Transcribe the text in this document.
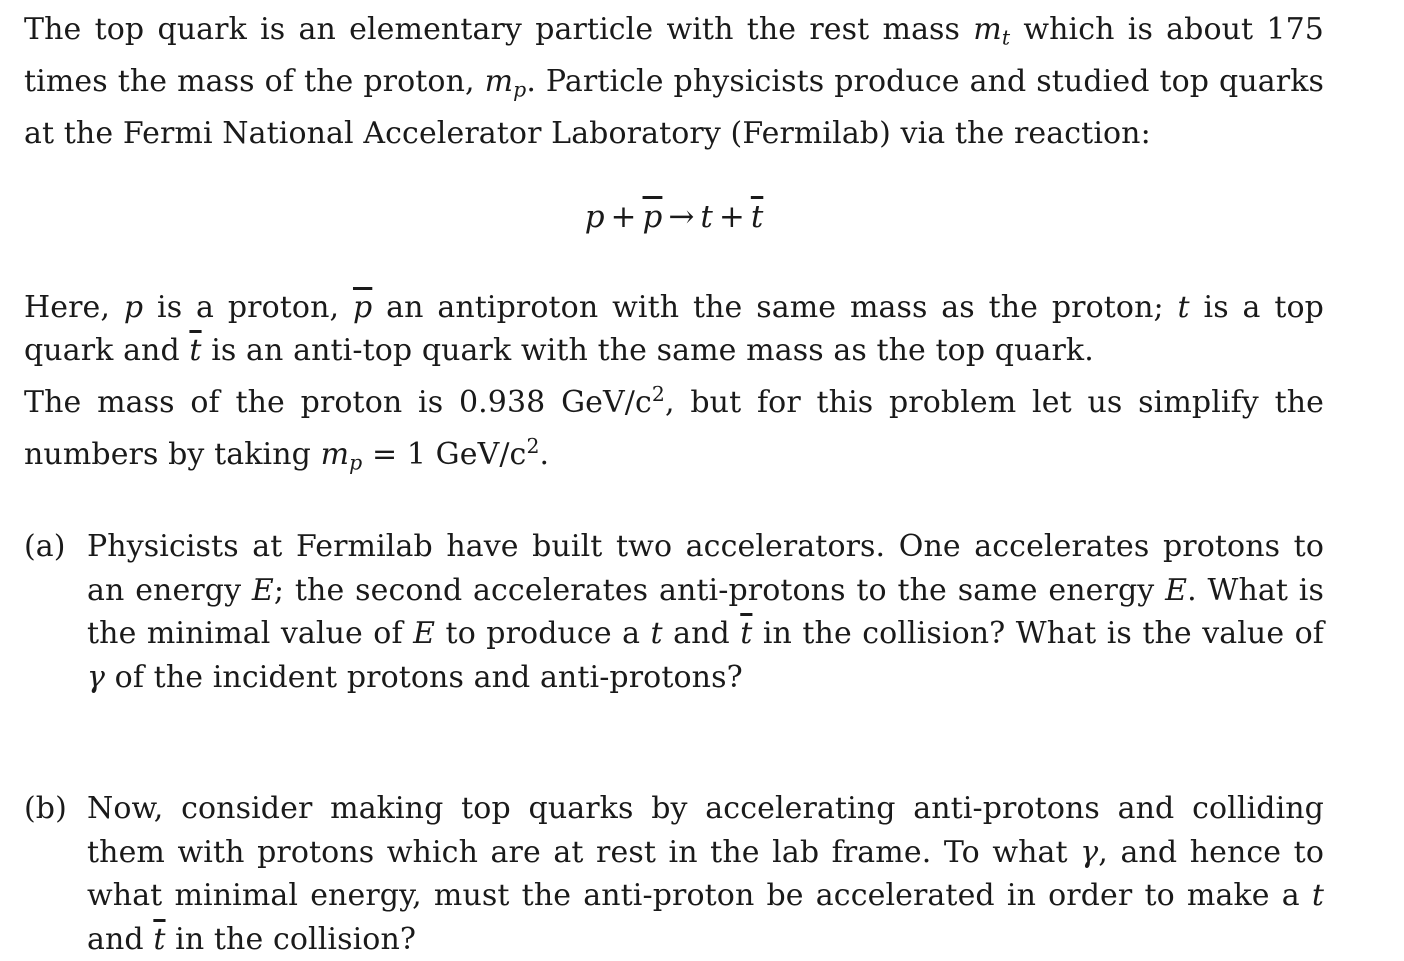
The top quark is an elementary particle with the rest mass $m_t$ which is about 175 times the mass of the proton, $m_p$. Particle physicists produce and studied top quarks at the Fermi National Accelerator Laboratory (Fermilab) via the reaction:

$p + \overline{p} \to t + \overline{t}$

Here, p is a proton, $\overline{p}$ an antiproton with the same mass as the proton; t is a top quark and $\overline{t}$ is an anti-top quark with the same mass as the top quark.
The mass of the proton is 0.938 GeV/$c^2$, but for this problem let us simplify the numbers by taking $m_p = 1$ GeV/$c^2$.

(a) Physicists at Fermilab have built two accelerators. One accelerates protons to an energy E; the second accelerates anti-protons to the same energy E. What is the minimal value of E to produce a t and $\overline{t}$ in the collision? What is the value of γ of the incident protons and anti-protons?

(b) Now, consider making top quarks by accelerating anti-protons and colliding them with protons which are at rest in the lab frame. To what γ, and hence to what minimal energy, must the anti-proton be accelerated in order to make a t and $\overline{t}$ in the collision?
